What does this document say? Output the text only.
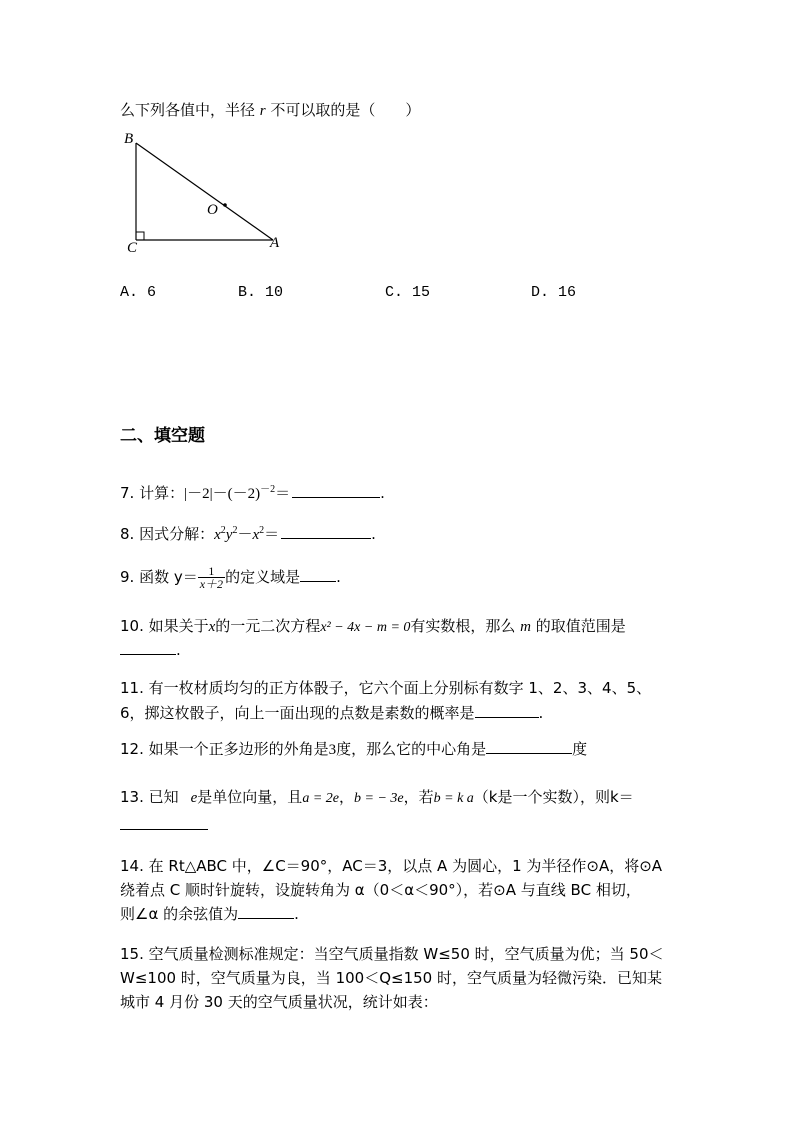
么下列各值中，半径 r 不可以取的是（　　）
B
C	A
O
A. 6	B. 10	C. 15	D. 16
二、填空题
7. 计算：$|-2|-(-2)^{-2}=$	.
8. 因式分解：$x^2y^2-x^2=$	.
9. 函数 $y= \frac{1}{x+2}$ 的定义域是 .
10. 如果关于x的一元二次方程x² − 4x − m = 0有实数根，那么 m 的取值范围是
.
11. 有一枚材质均匀的正方体骰子，它六个面上分别标有数字 1、2、3、4、5、
6，掷这枚骰子，向上一面出现的点数是素数的概率是	.
12. 如果一个正多边形的外角是3度，那么它的中心角是	度
13. 已知 e是单位向量，且a = 2e，b = − 3e，若b = k a（k是一个实数），则k＝
14. 在 Rt△ABC 中，∠C＝90°，AC＝3，以点 A 为圆心，1 为半径作⊙A，将⊙A
绕着点 C 顺时针旋转，设旋转角为 α（0＜α＜90°），若⊙A 与直线 BC 相切，
则∠α 的余弦值为	.
15. 空气质量检测标准规定：当空气质量指数 W≤50 时，空气质量为优；当 50＜
W≤100 时，空气质量为良，当 100＜Q≤150 时，空气质量为轻微污染．已知某
城市 4 月份 30 天的空气质量状况，统计如表：
